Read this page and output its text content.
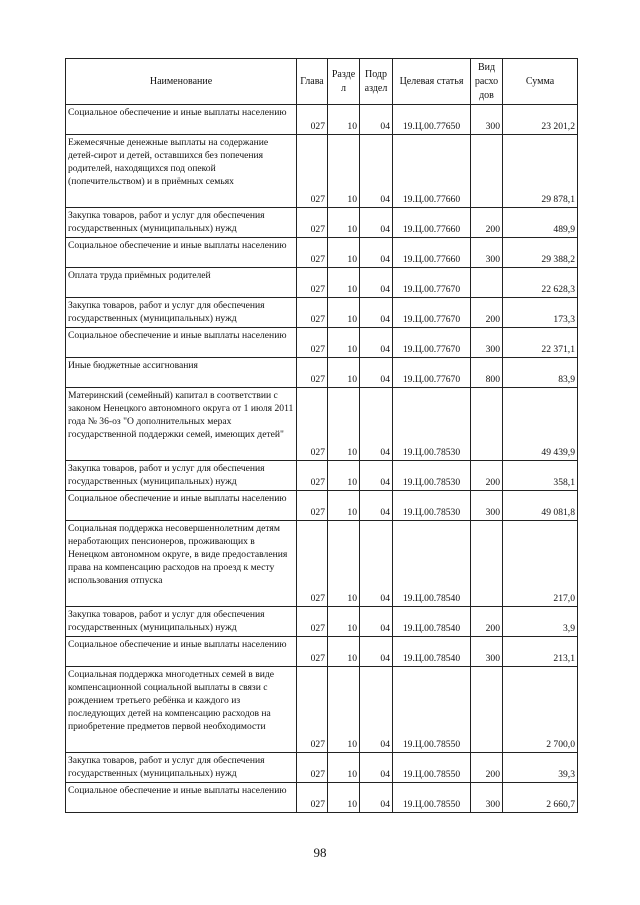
Наименование	Глава	Разде л	Подр аздел	Целевая статья	Вид расхо дов	Сумма
Социальное обеспечение и иные выплаты населению	027	10	04	19.Ц.00.77650	300	23 201,2
Ежемесячные денежные выплаты на содержание детей-сирот и детей, оставшихся без попечения родителей, находящихся под опекой (попечительством) и в приёмных семьях	027	10	04	19.Ц.00.77660		29 878,1
Закупка товаров, работ и услуг для обеспечения государственных (муниципальных) нужд	027	10	04	19.Ц.00.77660	200	489,9
Социальное обеспечение и иные выплаты населению	027	10	04	19.Ц.00.77660	300	29 388,2
Оплата труда приёмных родителей	027	10	04	19.Ц.00.77670		22 628,3
Закупка товаров, работ и услуг для обеспечения государственных (муниципальных) нужд	027	10	04	19.Ц.00.77670	200	173,3
Социальное обеспечение и иные выплаты населению	027	10	04	19.Ц.00.77670	300	22 371,1
Иные бюджетные ассигнования	027	10	04	19.Ц.00.77670	800	83,9
Материнский (семейный) капитал в соответствии с законом Ненецкого автономного округа от 1 июля 2011 года № 36-оз "О дополнительных мерах государственной поддержки семей, имеющих детей"	027	10	04	19.Ц.00.78530		49 439,9
Закупка товаров, работ и услуг для обеспечения государственных (муниципальных) нужд	027	10	04	19.Ц.00.78530	200	358,1
Социальное обеспечение и иные выплаты населению	027	10	04	19.Ц.00.78530	300	49 081,8
Социальная поддержка несовершеннолетним детям неработающих пенсионеров, проживающих в Ненецком автономном округе, в виде предоставления права на компенсацию расходов на проезд к месту использования отпуска	027	10	04	19.Ц.00.78540		217,0
Закупка товаров, работ и услуг для обеспечения государственных (муниципальных) нужд	027	10	04	19.Ц.00.78540	200	3,9
Социальное обеспечение и иные выплаты населению	027	10	04	19.Ц.00.78540	300	213,1
Социальная поддержка многодетных семей в виде компенсационной социальной выплаты в связи с рождением третьего ребёнка и каждого из последующих детей на компенсацию расходов на приобретение предметов первой необходимости	027	10	04	19.Ц.00.78550		2 700,0
Закупка товаров, работ и услуг для обеспечения государственных (муниципальных) нужд	027	10	04	19.Ц.00.78550	200	39,3
Социальное обеспечение и иные выплаты населению	027	10	04	19.Ц.00.78550	300	2 660,7
98
